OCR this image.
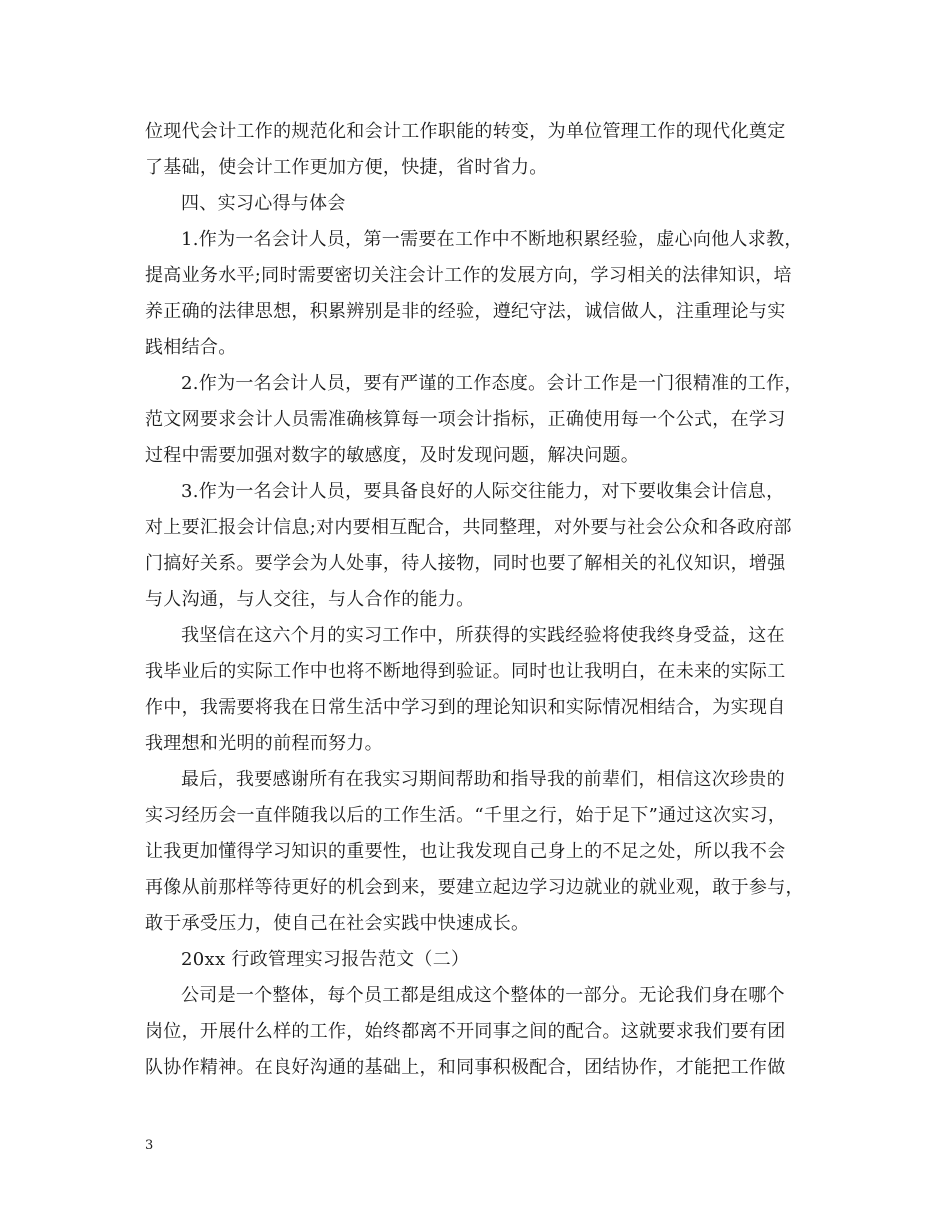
位现代会计工作的规范化和会计工作职能的转变，为单位管理工作的现代化奠定
了基础，使会计工作更加方便，快捷，省时省力。
四、实习心得与体会
1.作为一名会计人员，第一需要在工作中不断地积累经验，虚心向他人求教，
提高业务水平;同时需要密切关注会计工作的发展方向，学习相关的法律知识，培
养正确的法律思想，积累辨别是非的经验，遵纪守法，诚信做人，注重理论与实
践相结合。
2.作为一名会计人员，要有严谨的工作态度。会计工作是一门很精准的工作，
范文网要求会计人员需准确核算每一项会计指标，正确使用每一个公式，在学习
过程中需要加强对数字的敏感度，及时发现问题，解决问题。
3.作为一名会计人员，要具备良好的人际交往能力，对下要收集会计信息，
对上要汇报会计信息;对内要相互配合，共同整理，对外要与社会公众和各政府部
门搞好关系。要学会为人处事，待人接物，同时也要了解相关的礼仪知识，增强
与人沟通，与人交往，与人合作的能力。
我坚信在这六个月的实习工作中，所获得的实践经验将使我终身受益，这在
我毕业后的实际工作中也将不断地得到验证。同时也让我明白，在未来的实际工
作中，我需要将我在日常生活中学习到的理论知识和实际情况相结合，为实现自
我理想和光明的前程而努力。
最后，我要感谢所有在我实习期间帮助和指导我的前辈们，相信这次珍贵的
实习经历会一直伴随我以后的工作生活。“千里之行，始于足下”通过这次实习，
让我更加懂得学习知识的重要性，也让我发现自己身上的不足之处，所以我不会
再像从前那样等待更好的机会到来，要建立起边学习边就业的就业观，敢于参与，
敢于承受压力，使自己在社会实践中快速成长。
20xx 行政管理实习报告范文（二）
公司是一个整体，每个员工都是组成这个整体的一部分。无论我们身在哪个
岗位，开展什么样的工作，始终都离不开同事之间的配合。这就要求我们要有团
队协作精神。在良好沟通的基础上，和同事积极配合，团结协作，才能把工作做
3
